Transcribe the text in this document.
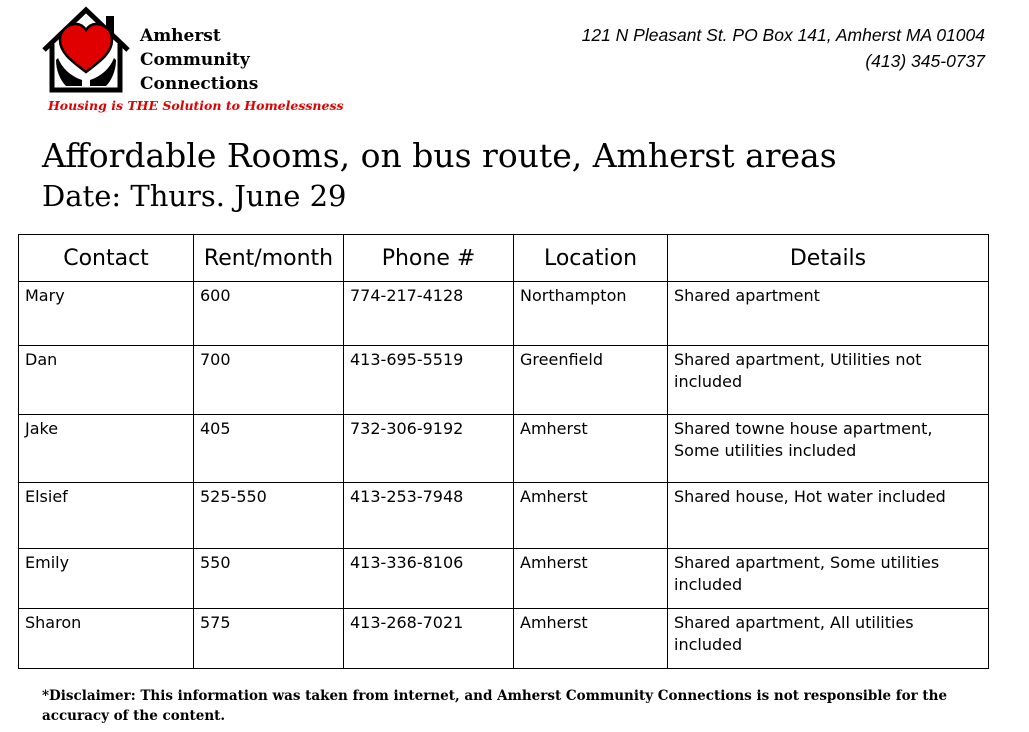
Amherst
Community
Connections
Housing is THE Solution to Homelessness
121 N Pleasant St. PO Box 141, Amherst MA 01004
(413) 345-0737
Affordable Rooms, on bus route, Amherst areas
Date: Thurs. June 29
Contact	Rent/month	Phone #	Location	Details
Mary	600	774-217-4128	Northampton	Shared apartment
Dan	700	413-695-5519	Greenfield	Shared apartment, Utilities not included
Jake	405	732-306-9192	Amherst	Shared towne house apartment, Some utilities included
Elsief	525-550	413-253-7948	Amherst	Shared house, Hot water included
Emily	550	413-336-8106	Amherst	Shared apartment, Some utilities included
Sharon	575	413-268-7021	Amherst	Shared apartment, All utilities included
*Disclaimer: This information was taken from internet, and Amherst Community Connections is not responsible for the accuracy of the content.
